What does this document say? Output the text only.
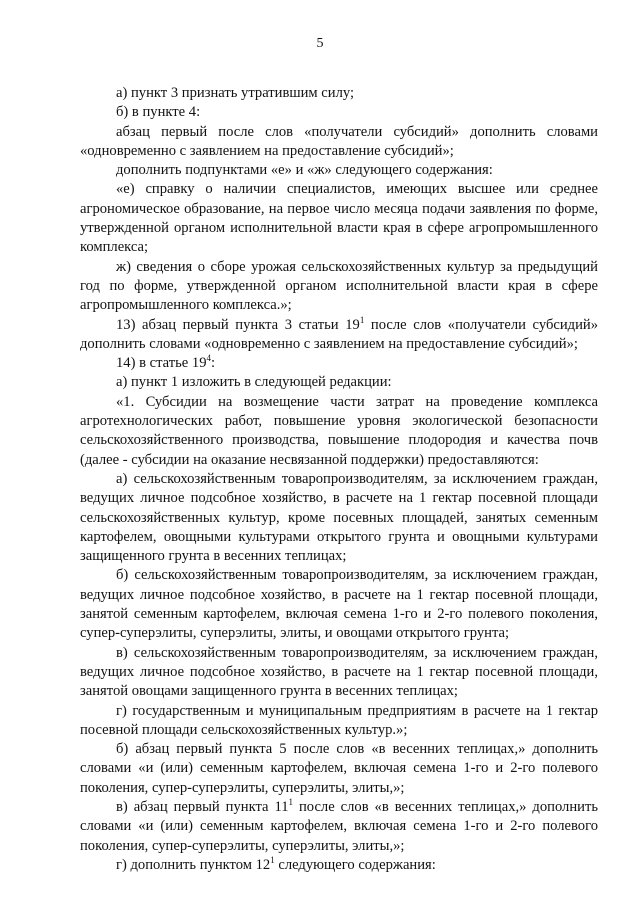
5

а) пункт 3 признать утратившим силу;

б) в пункте 4:

абзац первый после слов «получатели субсидий» дополнить словами «одновременно с заявлением на предоставление субсидий»;

дополнить подпунктами «е» и «ж» следующего содержания:

«е) справку о наличии специалистов, имеющих высшее или среднее агрономическое образование, на первое число месяца подачи заявления по форме, утвержденной органом исполнительной власти края в сфере агропромышленного комплекса;

ж) сведения о сборе урожая сельскохозяйственных культур за предыдущий год по форме, утвержденной органом исполнительной власти края в сфере агропромышленного комплекса.»;

13) абзац первый пункта 3 статьи $19^1$ после слов «получатели субсидий» дополнить словами «одновременно с заявлением на предоставление субсидий»;

14) в статье $19^4$:

а) пункт 1 изложить в следующей редакции:

«1. Субсидии на возмещение части затрат на проведение комплекса агротехнологических работ, повышение уровня экологической безопасности сельскохозяйственного производства, повышение плодородия и качества почв (далее - субсидии на оказание несвязанной поддержки) предоставляются:

а) сельскохозяйственным товаропроизводителям, за исключением граждан, ведущих личное подсобное хозяйство, в расчете на 1 гектар посевной площади сельскохозяйственных культур, кроме посевных площадей, занятых семенным картофелем, овощными культурами открытого грунта и овощными культурами защищенного грунта в весенних теплицах;

б) сельскохозяйственным товаропроизводителям, за исключением граждан, ведущих личное подсобное хозяйство, в расчете на 1 гектар посевной площади, занятой семенным картофелем, включая семена 1-го и 2-го полевого поколения, супер-суперэлиты, суперэлиты, элиты, и овощами открытого грунта;

в) сельскохозяйственным товаропроизводителям, за исключением граждан, ведущих личное подсобное хозяйство, в расчете на 1 гектар посевной площади, занятой овощами защищенного грунта в весенних теплицах;

г) государственным и муниципальным предприятиям в расчете на 1 гектар посевной площади сельскохозяйственных культур.»;

б) абзац первый пункта 5 после слов «в весенних теплицах,» дополнить словами «и (или) семенным картофелем, включая семена 1-го и 2-го полевого поколения, супер-суперэлиты, суперэлиты, элиты,»;

в) абзац первый пункта $11^1$ после слов «в весенних теплицах,» дополнить словами «и (или) семенным картофелем, включая семена 1-го и 2-го полевого поколения, супер-суперэлиты, суперэлиты, элиты,»;

г) дополнить пунктом $12^1$ следующего содержания:
